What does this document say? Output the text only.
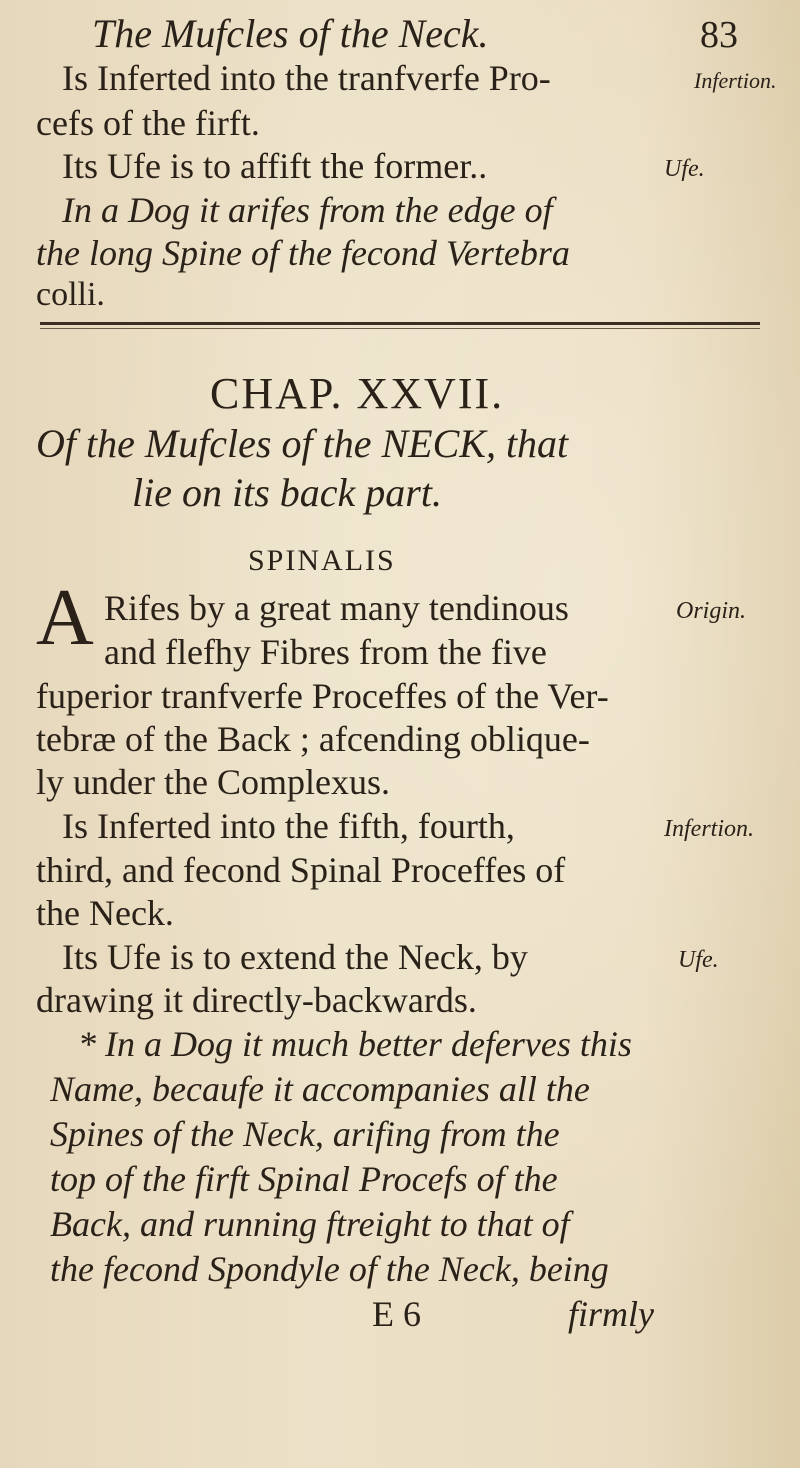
The Mufcles of the Neck.	83
Is Inferted into the tranfverfe Pro-	Infertion.
cefs of the firft.
Its Ufe is to affift the former..	Ufe.
In a Dog it arifes from the edge of
the long Spine of the fecond Vertebra
colli.
CHAP. XXVII.
Of the Mufcles of the NECK, that
lie on its back part.
SPINALIS
A Rifes by a great many tendinous	Origin.
and flefhy Fibres from the five
fuperior tranfverfe Proceffes of the Ver-
tebræ of the Back ; afcending oblique-
ly under the Complexus.
Is Inferted into the fifth, fourth,	Infertion.
third, and fecond Spinal Proceffes of
the Neck.
Its Ufe is to extend the Neck, by	Ufe.
drawing it directly-backwards.
* In a Dog it much better deferves this
Name, becaufe it accompanies all the
Spines of the Neck, arifing from the
top of the firft Spinal Procefs of the
Back, and running ftreight to that of
the fecond Spondyle of the Neck, being
E 6	firmly
